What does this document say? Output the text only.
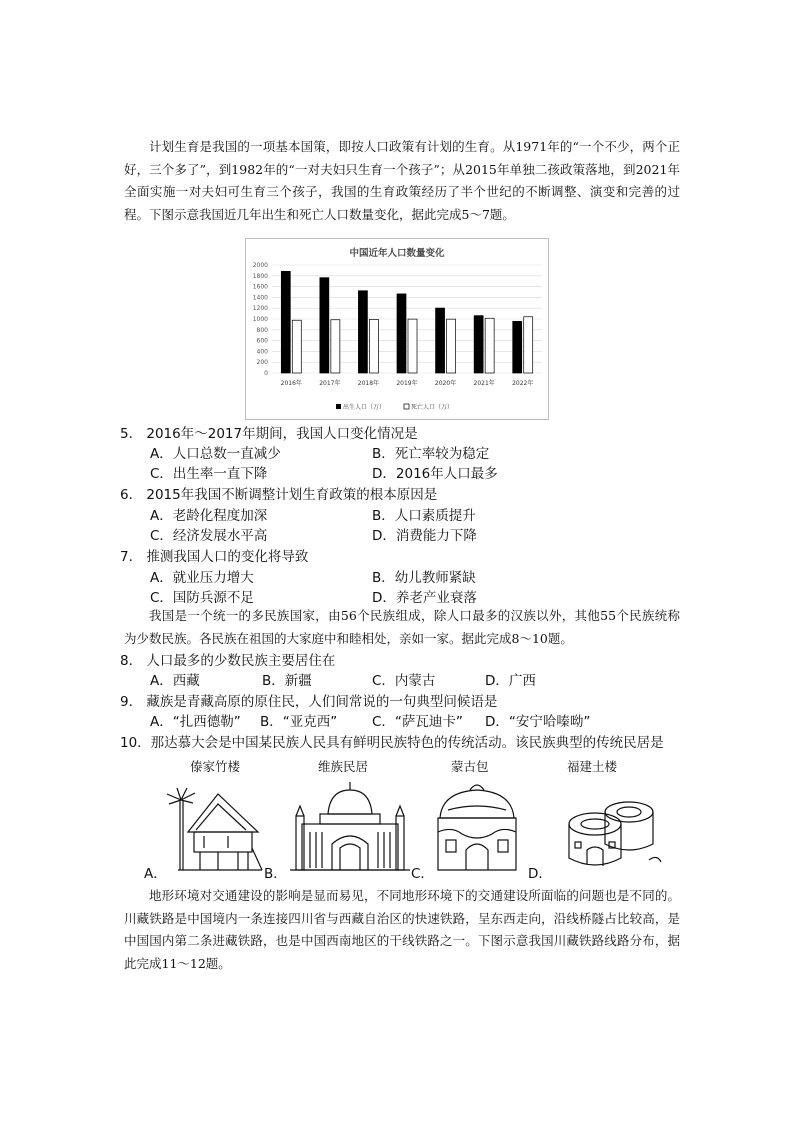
计划生育是我国的一项基本国策，即按人口政策有计划的生育。从1971年的“一个不少，两个正好，三个多了”，到1982年的“一对夫妇只生育一个孩子”；从2015年单独二孩政策落地，到2021年全面实施一对夫妇可生育三个孩子，我国的生育政策经历了半个世纪的不断调整、演变和完善的过程。下图示意我国近几年出生和死亡人口数量变化，据此完成5～7题。
0
200
400
600
800
1000
1200
1400
1600
1800
2000
2016年	2017年	2018年	2019年	2020年	2021年	2022年
中国近年人口数量变化
出生人口（万）	死亡人口（万）
5． 2016年～2017年期间，我国人口变化情况是
A．人口总数一直减少	B．死亡率较为稳定
C．出生率一直下降	D．2016年人口最多
6． 2015年我国不断调整计划生育政策的根本原因是
A．老龄化程度加深	B．人口素质提升
C．经济发展水平高	D．消费能力下降
7． 推测我国人口的变化将导致
A．就业压力增大	B．幼儿教师紧缺
C．国防兵源不足	D．养老产业衰落
我国是一个统一的多民族国家，由56个民族组成，除人口最多的汉族以外，其他55个民族统称为少数民族。各民族在祖国的大家庭中和睦相处，亲如一家。据此完成8～10题。
8． 人口最多的少数民族主要居住在
A．西藏	B．新疆	C．内蒙古	D．广西
9． 藏族是青藏高原的原住民，人们间常说的一句典型问候语是
A．“扎西德勒” B．“亚克西”	C．“萨瓦迪卡” D．“安宁哈嗪呦”
10．那达慕大会是中国某民族人民具有鲜明民族特色的传统活动。该民族典型的传统民居是
傣家竹楼	维族民居	蒙古包	福建土楼
A．	B．	C．	D．
地形环境对交通建设的影响是显而易见，不同地形环境下的交通建设所面临的问题也是不同的。川藏铁路是中国境内一条连接四川省与西藏自治区的快速铁路，呈东西走向，沿线桥隧占比较高，是中国国内第二条进藏铁路，也是中国西南地区的干线铁路之一。下图示意我国川藏铁路线路分布，据此完成11～12题。
